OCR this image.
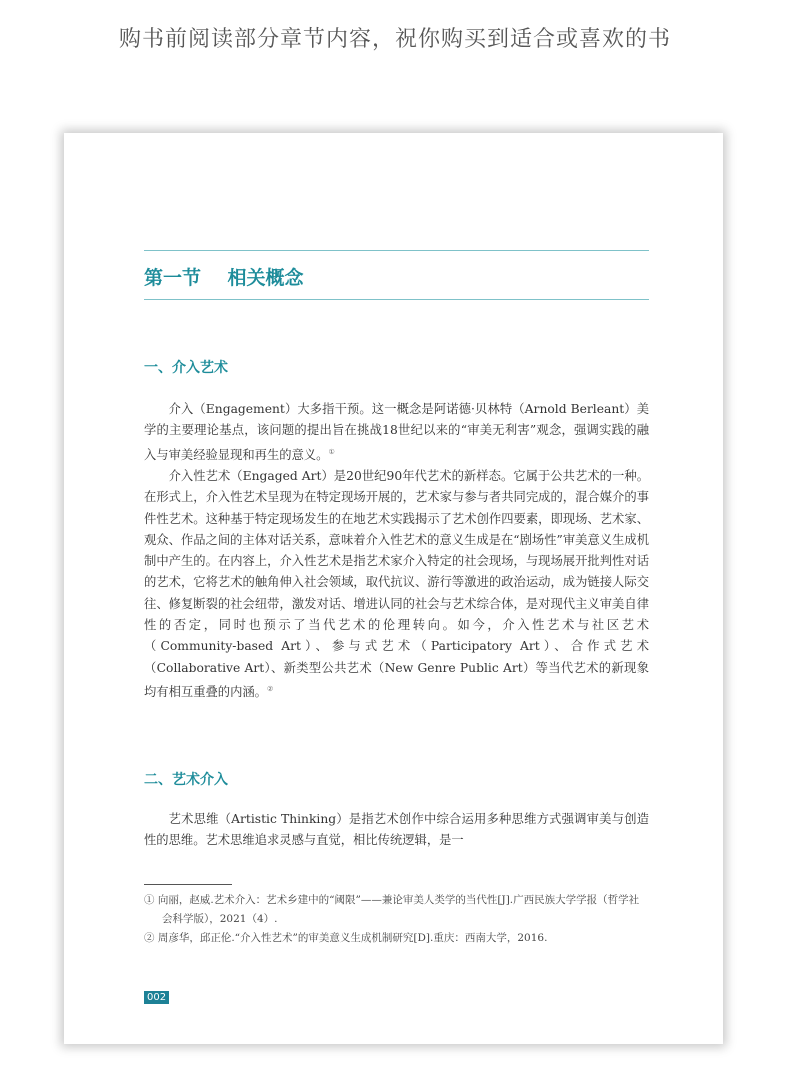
购书前阅读部分章节内容，祝你购买到适合或喜欢的书
第一节    相关概念
一、介入艺术

介入（Engagement）大多指干预。这一概念是阿诺德·贝林特（Arnold Berleant）美学的主要理论基点，该问题的提出旨在挑战18世纪以来的“审美无利害”观念，强调实践的融入与审美经验显现和再生的意义。①

介入性艺术（Engaged Art）是20世纪90年代艺术的新样态。它属于公共艺术的一种。在形式上，介入性艺术呈现为在特定现场开展的，艺术家与参与者共同完成的，混合媒介的事件性艺术。这种基于特定现场发生的在地艺术实践揭示了艺术创作四要素，即现场、艺术家、观众、作品之间的主体对话关系，意味着介入性艺术的意义生成是在“剧场性”审美意义生成机制中产生的。在内容上，介入性艺术是指艺术家介入特定的社会现场，与现场展开批判性对话的艺术，它将艺术的触角伸入社会领域，取代抗议、游行等激进的政治运动，成为链接人际交往、修复断裂的社会纽带，激发对话、增进认同的社会与艺术综合体，是对现代主义审美自律性的否定，同时也预示了当代艺术的伦理转向。如今，介入性艺术与社区艺术（Community-based Art）、参与式艺术（Participatory Art）、合作式艺术（Collaborative Art）、新类型公共艺术（New Genre Public Art）等当代艺术的新现象均有相互重叠的内涵。②

二、艺术介入

艺术思维（Artistic Thinking）是指艺术创作中综合运用多种思维方式强调审美与创造性的思维。艺术思维追求灵感与直觉，相比传统逻辑，是一

① 向丽，赵威.艺术介入：艺术乡建中的“阈限”——兼论审美人类学的当代性[J].广西民族大学学报（哲学社会科学版），2021（4）.
② 周彦华，邱正伦.“介入性艺术”的审美意义生成机制研究[D].重庆：西南大学，2016.
002
